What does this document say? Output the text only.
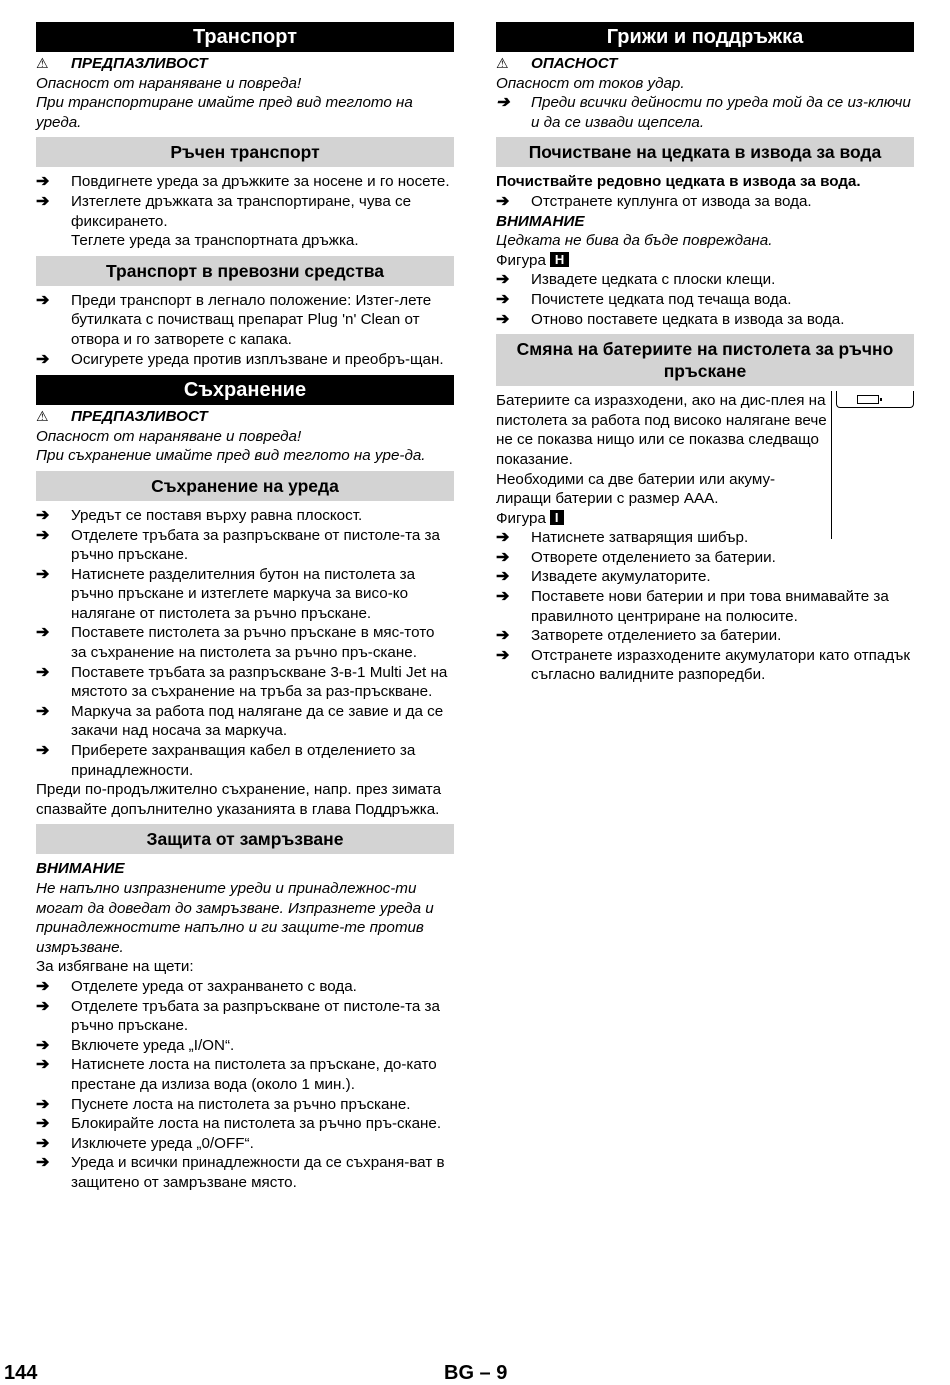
Транспорт
⚠ ПРЕДПАЗЛИВОСТ

Опасност от нараняване и повреда!

При транспортиране имайте пред вид теглото на уреда.

Ръчен транспорт
➔ Повдигнете уреда за дръжките за носене и го носете.
➔ Изтеглете дръжката за транспортиране, чува се фиксирането.

Теглете уреда за транспортната дръжка.

Транспорт в превозни средства
➔ Преди транспорт в легнало положение: Изтег-лете бутилката с почистващ препарат Plug 'n' Clean от отвора и го затворете с капака.
➔ Осигурете уреда против изплъзване и преобръ-щан.
Съхранение
⚠ ПРЕДПАЗЛИВОСТ

Опасност от нараняване и повреда!

При съхранение имайте пред вид теглото на уре-да.

Съхранение на уреда
➔ Уредът се поставя върху равна плоскост.
➔ Отделете тръбата за разпръскване от пистоле-та за ръчно пръскане.
➔ Натиснете разделителния бутон на пистолета за ръчно пръскане и изтеглете маркуча за висо-ко налягане от пистолета за ръчно пръскане.
➔ Поставете пистолета за ръчно пръскане в мяс-тото за съхранение на пистолета за ръчно пръ-скане.
➔ Поставете тръбата за разпръскване 3-в-1 Multi Jet на мястото за съхранение на тръба за раз-пръскване.
➔ Маркуча за работа под налягане да се завие и да се закачи над носача за маркуча.
➔ Приберете захранващия кабел в отделението за принадлежности.

Преди по-продължително съхранение, напр. през зимата спазвайте допълнително указанията в глава Поддръжка.

Защита от замръзване

ВНИМАНИЕ

Не напълно изпразнените уреди и принадлежнос-ти могат да доведат до замръзване. Изпразнете уреда и принадлежностите напълно и ги защите-те против измръзване.

За избягване на щети:

➔ Отделете уреда от захранването с вода.
➔ Отделете тръбата за разпръскване от пистоле-та за ръчно пръскане.
➔ Включете уреда „I/ON“.
➔ Натиснете лоста на пистолета за пръскане, до-като престане да излиза вода (около 1 мин.).
➔ Пуснете лоста на пистолета за ръчно пръскане.
➔ Блокирайте лоста на пистолета за ръчно пръ-скане.
➔ Изключете уреда „0/OFF“.
➔ Уреда и всички принадлежности да се съхраня-ват в защитено от замръзване място.
Грижи и поддръжка
⚠ ОПАСНОСТ

Опасност от токов удар.

➔ Преди всички дейности по уреда той да се из-ключи и да се извади щепсела.
Почистване на цедката в извода за вода

Почиствайте редовно цедката в извода за вода.

➔ Отстранете куплунга от извода за вода.

ВНИМАНИЕ

Цедката не бива да бъде повреждана.

Фигура H

➔ Извадете цедката с плоски клещи.
➔ Почистете цедката под течаща вода.
➔ Отново поставете цедката в извода за вода.
Смяна на батериите на пистолета за ръчно пръскане

Батериите са изразходени, ако на дис-плея на пистолета за работа под високо налягане вече не се показва нищо или се показва следващо показание.

Необходими са две батерии или акуму-лиращи батерии с размер AAA.

Фигура I

➔ Натиснете затварящия шибър.
➔ Отворете отделението за батерии.
➔ Извадете акумулаторите.
➔ Поставете нови батерии и при това внимавайте за правилното центриране на полюсите.
➔ Затворете отделението за батерии.
➔ Отстранете изразходените акумулатори като отпадък съгласно валидните разпоредби.
144	BG – 9
